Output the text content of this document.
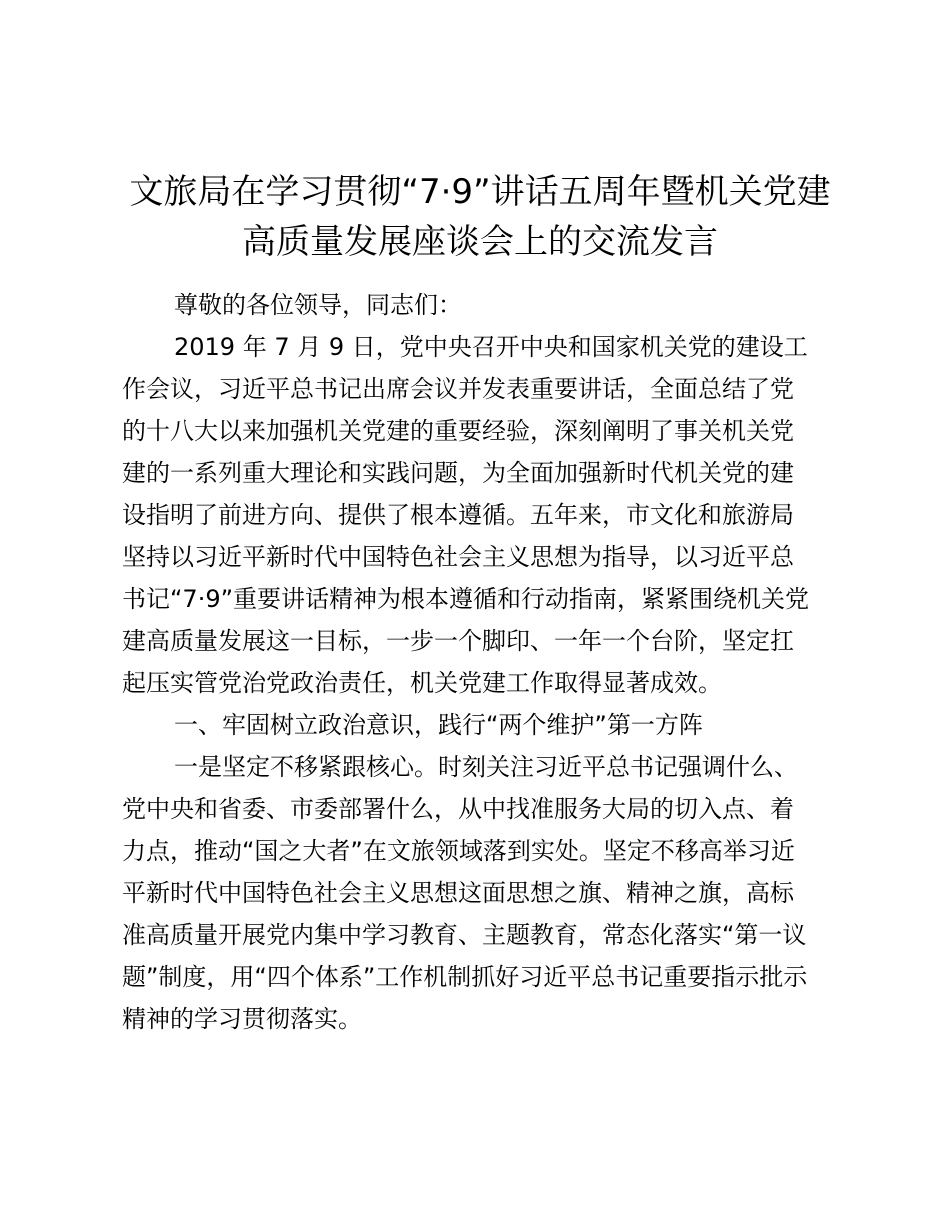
文旅局在学习贯彻“7·9”讲话五周年暨机关党建
高质量发展座谈会上的交流发言

尊敬的各位领导，同志们：

2019 年 7 月 9 日，党中央召开中央和国家机关党的建设工

作会议，习近平总书记出席会议并发表重要讲话，全面总结了党

的十八大以来加强机关党建的重要经验，深刻阐明了事关机关党

建的一系列重大理论和实践问题，为全面加强新时代机关党的建

设指明了前进方向、提供了根本遵循。五年来，市文化和旅游局

坚持以习近平新时代中国特色社会主义思想为指导，以习近平总

书记“7·9”重要讲话精神为根本遵循和行动指南，紧紧围绕机关党

建高质量发展这一目标，一步一个脚印、一年一个台阶，坚定扛

起压实管党治党政治责任，机关党建工作取得显著成效。

一、牢固树立政治意识，践行“两个维护”第一方阵

一是坚定不移紧跟核心。时刻关注习近平总书记强调什么、

党中央和省委、市委部署什么，从中找准服务大局的切入点、着

力点，推动“国之大者”在文旅领域落到实处。坚定不移高举习近

平新时代中国特色社会主义思想这面思想之旗、精神之旗，高标

准高质量开展党内集中学习教育、主题教育，常态化落实“第一议

题”制度，用“四个体系”工作机制抓好习近平总书记重要指示批示

精神的学习贯彻落实。
